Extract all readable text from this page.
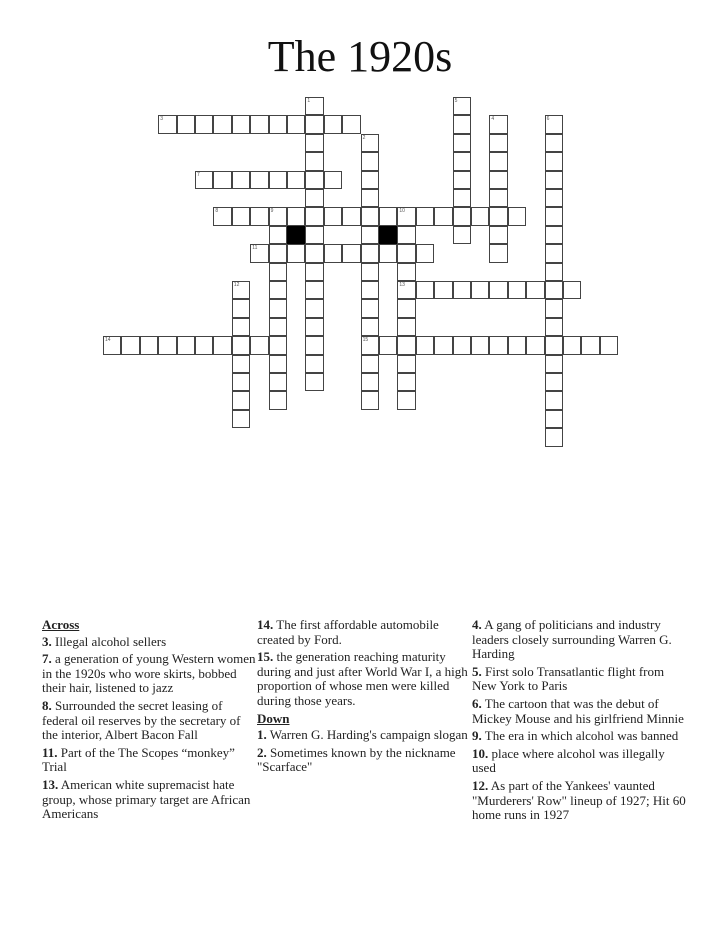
The 1920s
1
2
15
3	4
5
6
7
8	9	10
13
11
12
14
Across
3. Illegal alcohol sellers
7. a generation of young Western women in the 1920s who wore skirts, bobbed their hair, listened to jazz
8. Surrounded the secret leasing of federal oil reserves by the secretary of the interior, Albert Bacon Fall
11. Part of the The Scopes “monkey” Trial
13. American white supremacist hate group, whose primary target are African Americans
14. The first affordable automobile created by Ford.
15. the generation reaching maturity during and just after World War I, a high proportion of whose men were killed during those years.
Down
1. Warren G. Harding's campaign slogan
2. Sometimes known by the nickname "Scarface"
4. A gang of politicians and industry leaders closely surrounding Warren G. Harding
5. First solo Transatlantic flight from New York to Paris
6. The cartoon that was the debut of Mickey Mouse and his girlfriend Minnie
9. The era in which alcohol was banned
10. place where alcohol was illegally used
12. As part of the Yankees' vaunted "Murderers' Row" lineup of 1927; Hit 60 home runs in 1927
